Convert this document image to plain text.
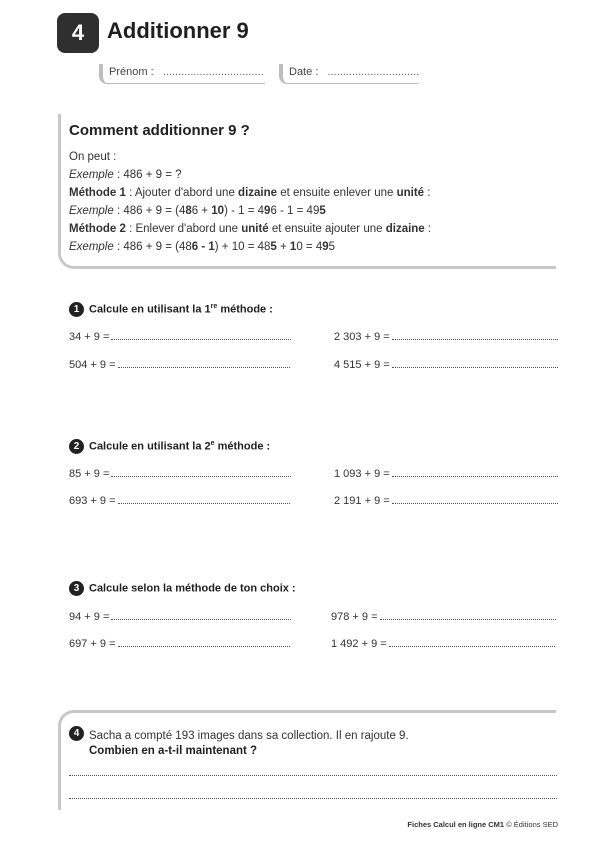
4	Additionner 9
Prénom :   .................................	Date :   ..............................
Comment additionner 9 ?
On peut :
Exemple : 486 + 9 = ?
Méthode 1 : Ajouter d'abord une dizaine et ensuite enlever une unité :
Exemple : 486 + 9 = (486 + 10) - 1 = 496 - 1 = 495
Méthode 2 : Enlever d'abord une unité et ensuite ajouter une dizaine :
Exemple : 486 + 9 = (486 - 1) + 10 = 485 + 10 = 495
1 Calcule en utilisant la 1re méthode :
34 + 9 =	2 303 + 9 =
504 + 9 =	4 515 + 9 =
2 Calcule en utilisant la 2e méthode :
85 + 9 =	1 093 + 9 =
693 + 9 =	2 191 + 9 =
3 Calcule selon la méthode de ton choix :
94 + 9 =	978 + 9 =
697 + 9 =	1 492 + 9 =
4 Sacha a compté 193 images dans sa collection. Il en rajoute 9.
Combien en a-t-il maintenant ?
Fiches Calcul en ligne CM1 © Éditions SED
